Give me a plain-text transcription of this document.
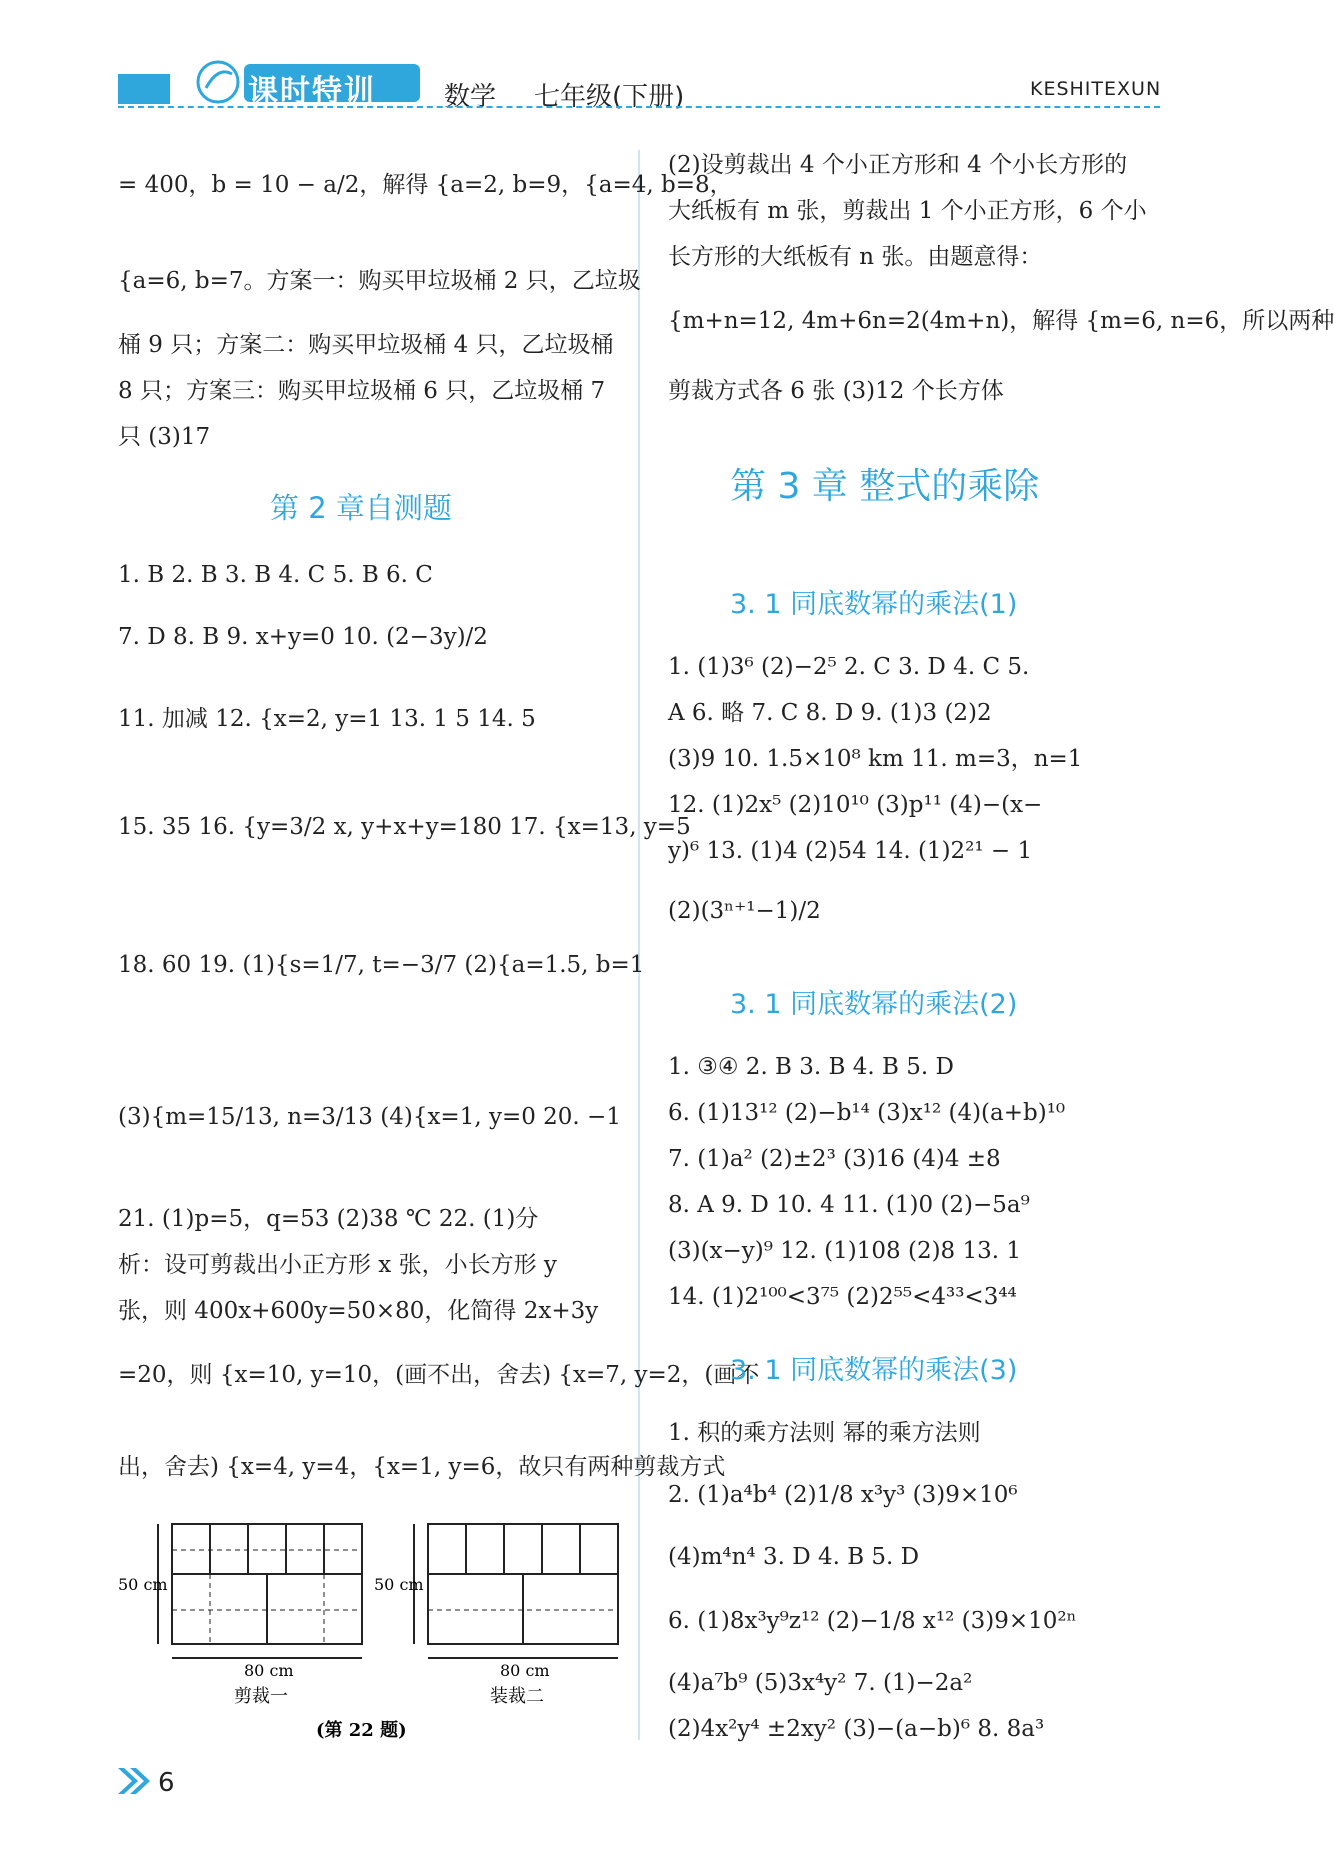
课时特训	数学 七年级(下册)	KESHITEXUN
= 400，b = 10 − a/2，解得 {a=2, b=9，{a=4, b=8，
{a=6, b=7。方案一：购买甲垃圾桶 2 只，乙垃圾
桶 9 只；方案二：购买甲垃圾桶 4 只，乙垃圾桶
8 只；方案三：购买甲垃圾桶 6 只，乙垃圾桶 7
只 (3)17
第 2 章自测题
1. B 2. B 3. B 4. C 5. B 6. C
7. D 8. B 9. x+y=0 10. (2−3y)/2
11. 加减 12. {x=2, y=1 13. 1 5 14. 5
15. 35 16. {y=3/2 x, y+x+y=180 17. {x=13, y=5
18. 60 19. (1){s=1/7, t=−3/7 (2){a=1.5, b=1
(3){m=15/13, n=3/13 (4){x=1, y=0 20. −1
21. (1)p=5，q=53 (2)38 ℃ 22. (1)分
析：设可剪裁出小正方形 x 张，小长方形 y
张，则 400x+600y=50×80，化简得 2x+3y
=20，则 {x=10, y=10，(画不出，舍去) {x=7, y=2，(画不
出，舍去) {x=4, y=4，{x=1, y=6，故只有两种剪裁方式
50 cm
80 cm
剪裁一
50 cm
80 cm
装裁二
(第 22 题)
(2)设剪裁出 4 个小正方形和 4 个小长方形的
大纸板有 m 张，剪裁出 1 个小正方形，6 个小
长方形的大纸板有 n 张。由题意得：
{m+n=12, 4m+6n=2(4m+n)，解得 {m=6, n=6，所以两种
剪裁方式各 6 张 (3)12 个长方体
第 3 章 整式的乘除
3. 1 同底数幂的乘法(1)
1. (1)3⁶ (2)−2⁵ 2. C 3. D 4. C 5.
A 6. 略 7. C 8. D 9. (1)3 (2)2
(3)9 10. 1.5×10⁸ km 11. m=3，n=1
12. (1)2x⁵ (2)10¹⁰ (3)p¹¹ (4)−(x−
y)⁶ 13. (1)4 (2)54 14. (1)2²¹ − 1
(2)(3ⁿ⁺¹−1)/2
3. 1 同底数幂的乘法(2)
1. ③④ 2. B 3. B 4. B 5. D
6. (1)13¹² (2)−b¹⁴ (3)x¹² (4)(a+b)¹⁰
7. (1)a² (2)±2³ (3)16 (4)4 ±8
8. A 9. D 10. 4 11. (1)0 (2)−5a⁹
(3)(x−y)⁹ 12. (1)108 (2)8 13. 1
14. (1)2¹⁰⁰<3⁷⁵ (2)2⁵⁵<4³³<3⁴⁴
3. 1 同底数幂的乘法(3)
1. 积的乘方法则 幂的乘方法则
2. (1)a⁴b⁴ (2)1/8 x³y³ (3)9×10⁶
(4)m⁴n⁴ 3. D 4. B 5. D
6. (1)8x³y⁹z¹² (2)−1/8 x¹² (3)9×10²ⁿ
(4)a⁷b⁹ (5)3x⁴y² 7. (1)−2a²
(2)4x²y⁴ ±2xy² (3)−(a−b)⁶ 8. 8a³
6
